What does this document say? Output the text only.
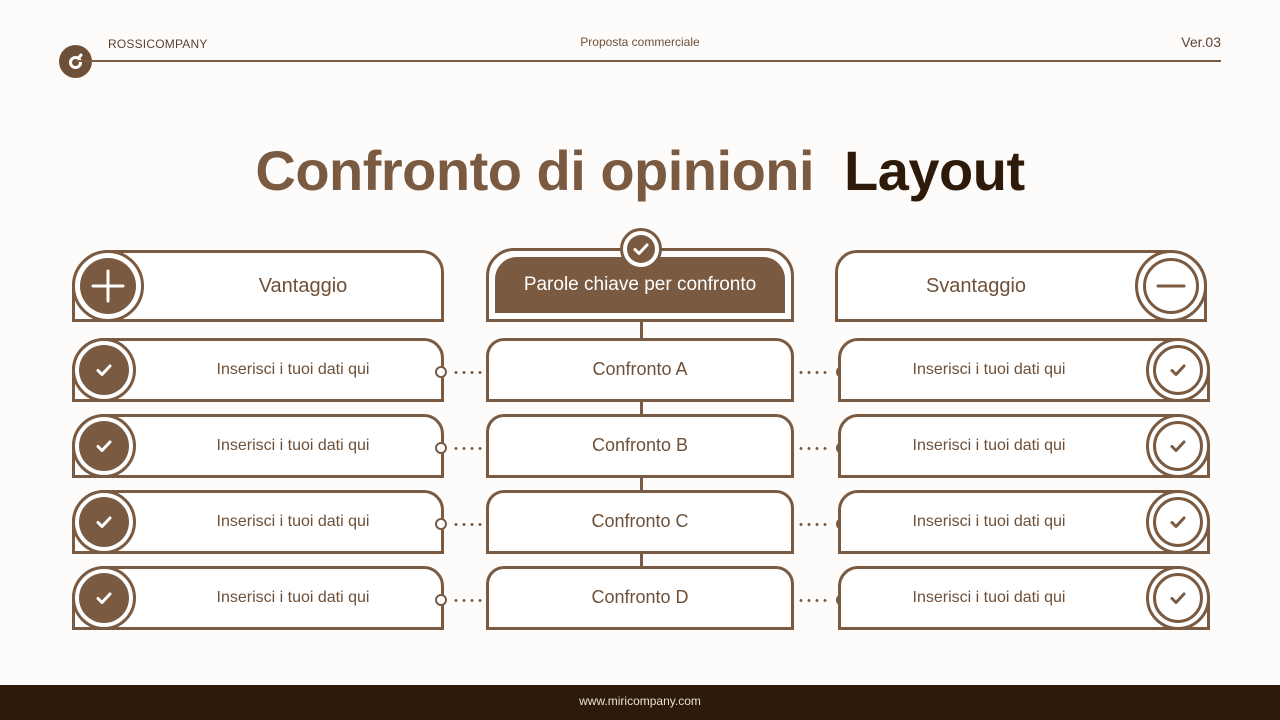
ROSSICOMPANY	Proposta commerciale	Ver.03
Confronto di opinioni Layout
Vantaggio	Parole chiave per confronto	Svantaggio
Inserisci i tuoi dati qui	Confronto A	Inserisci i tuoi dati qui
Inserisci i tuoi dati qui	Confronto B	Inserisci i tuoi dati qui
Inserisci i tuoi dati qui	Confronto C	Inserisci i tuoi dati qui
Inserisci i tuoi dati qui	Confronto D	Inserisci i tuoi dati qui
www.miricompany.com
